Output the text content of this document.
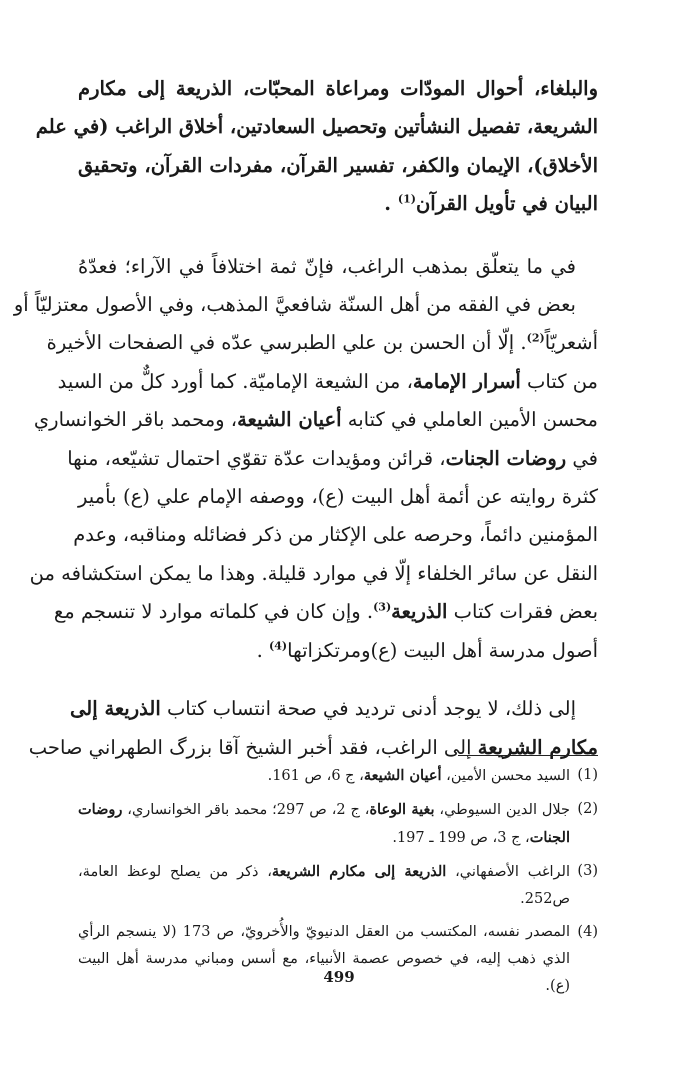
والبلغاء، أحوال المودّات ومراعاة المحبّات، الذريعة إلى مكارم
الشريعة، تفصيل النشأتين وتحصيل السعادتين، أخلاق الراغب (في علم
الأخلاق)، الإيمان والكفر، تفسير القرآن، مفردات القرآن، وتحقيق
البيان في تأويل القرآن$^{(1)}$ .

في ما يتعلّق بمذهب الراغب، فإنّ ثمة اختلافاً في الآراء؛ فعدّهُ
بعض في الفقه من أهل السنّة شافعيَّ المذهب، وفي الأصول معتزليّاً أو
أشعريّاً$^{(2)}$. إلّا أن الحسن بن علي الطبرسي عدّه في الصفحات الأخيرة
من كتاب أسرار الإمامة، من الشيعة الإماميّة. كما أورد كلٌّ من السيد
محسن الأمين العاملي في كتابه أعيان الشيعة، ومحمد باقر الخوانساري
في روضات الجنات، قرائن ومؤيدات عدّة تقوّي احتمال تشيّعه، منها
كثرة روايته عن أئمة أهل البيت (ع)، ووصفه الإمام علي (ع) بأمير
المؤمنين دائماً، وحرصه على الإكثار من ذكر فضائله ومناقبه، وعدم
النقل عن سائر الخلفاء إلّا في موارد قليلة. وهذا ما يمكن استكشافه من
بعض فقرات كتاب الذريعة$^{(3)}$. وإن كان في كلماته موارد لا تنسجم مع
أصول مدرسة أهل البيت (ع)ومرتكزاتها$^{(4)}$ .

إلى ذلك، لا يوجد أدنى ترديد في صحة انتساب كتاب الذريعة إلى
مكارم الشريعة إلى الراغب، فقد أخبر الشيخ آقا بزرگ الطهراني صاحب

(1)
السيد محسن الأمين، أعيان الشيعة، ج 6، ص 161.
(2)
جلال الدين السيوطي، بغية الوعاة، ج 2، ص 297؛ محمد باقر الخوانساري، روضات الجنات، ج 3، ص 199 ـ 197.
(3)
الراغب الأصفهاني، الذريعة إلى مكارم الشريعة، ذكر من يصلح لوعظ العامة، ص252.
(4)
المصدر نفسه، المكتسب من العقل الدنيويّ والأُخرويّ، ص 173 (لا ينسجم الرأي الذي ذهب إليه، في خصوص عصمة الأنبياء، مع أسس ومباني مدرسة أهل البيت (ع).
499
